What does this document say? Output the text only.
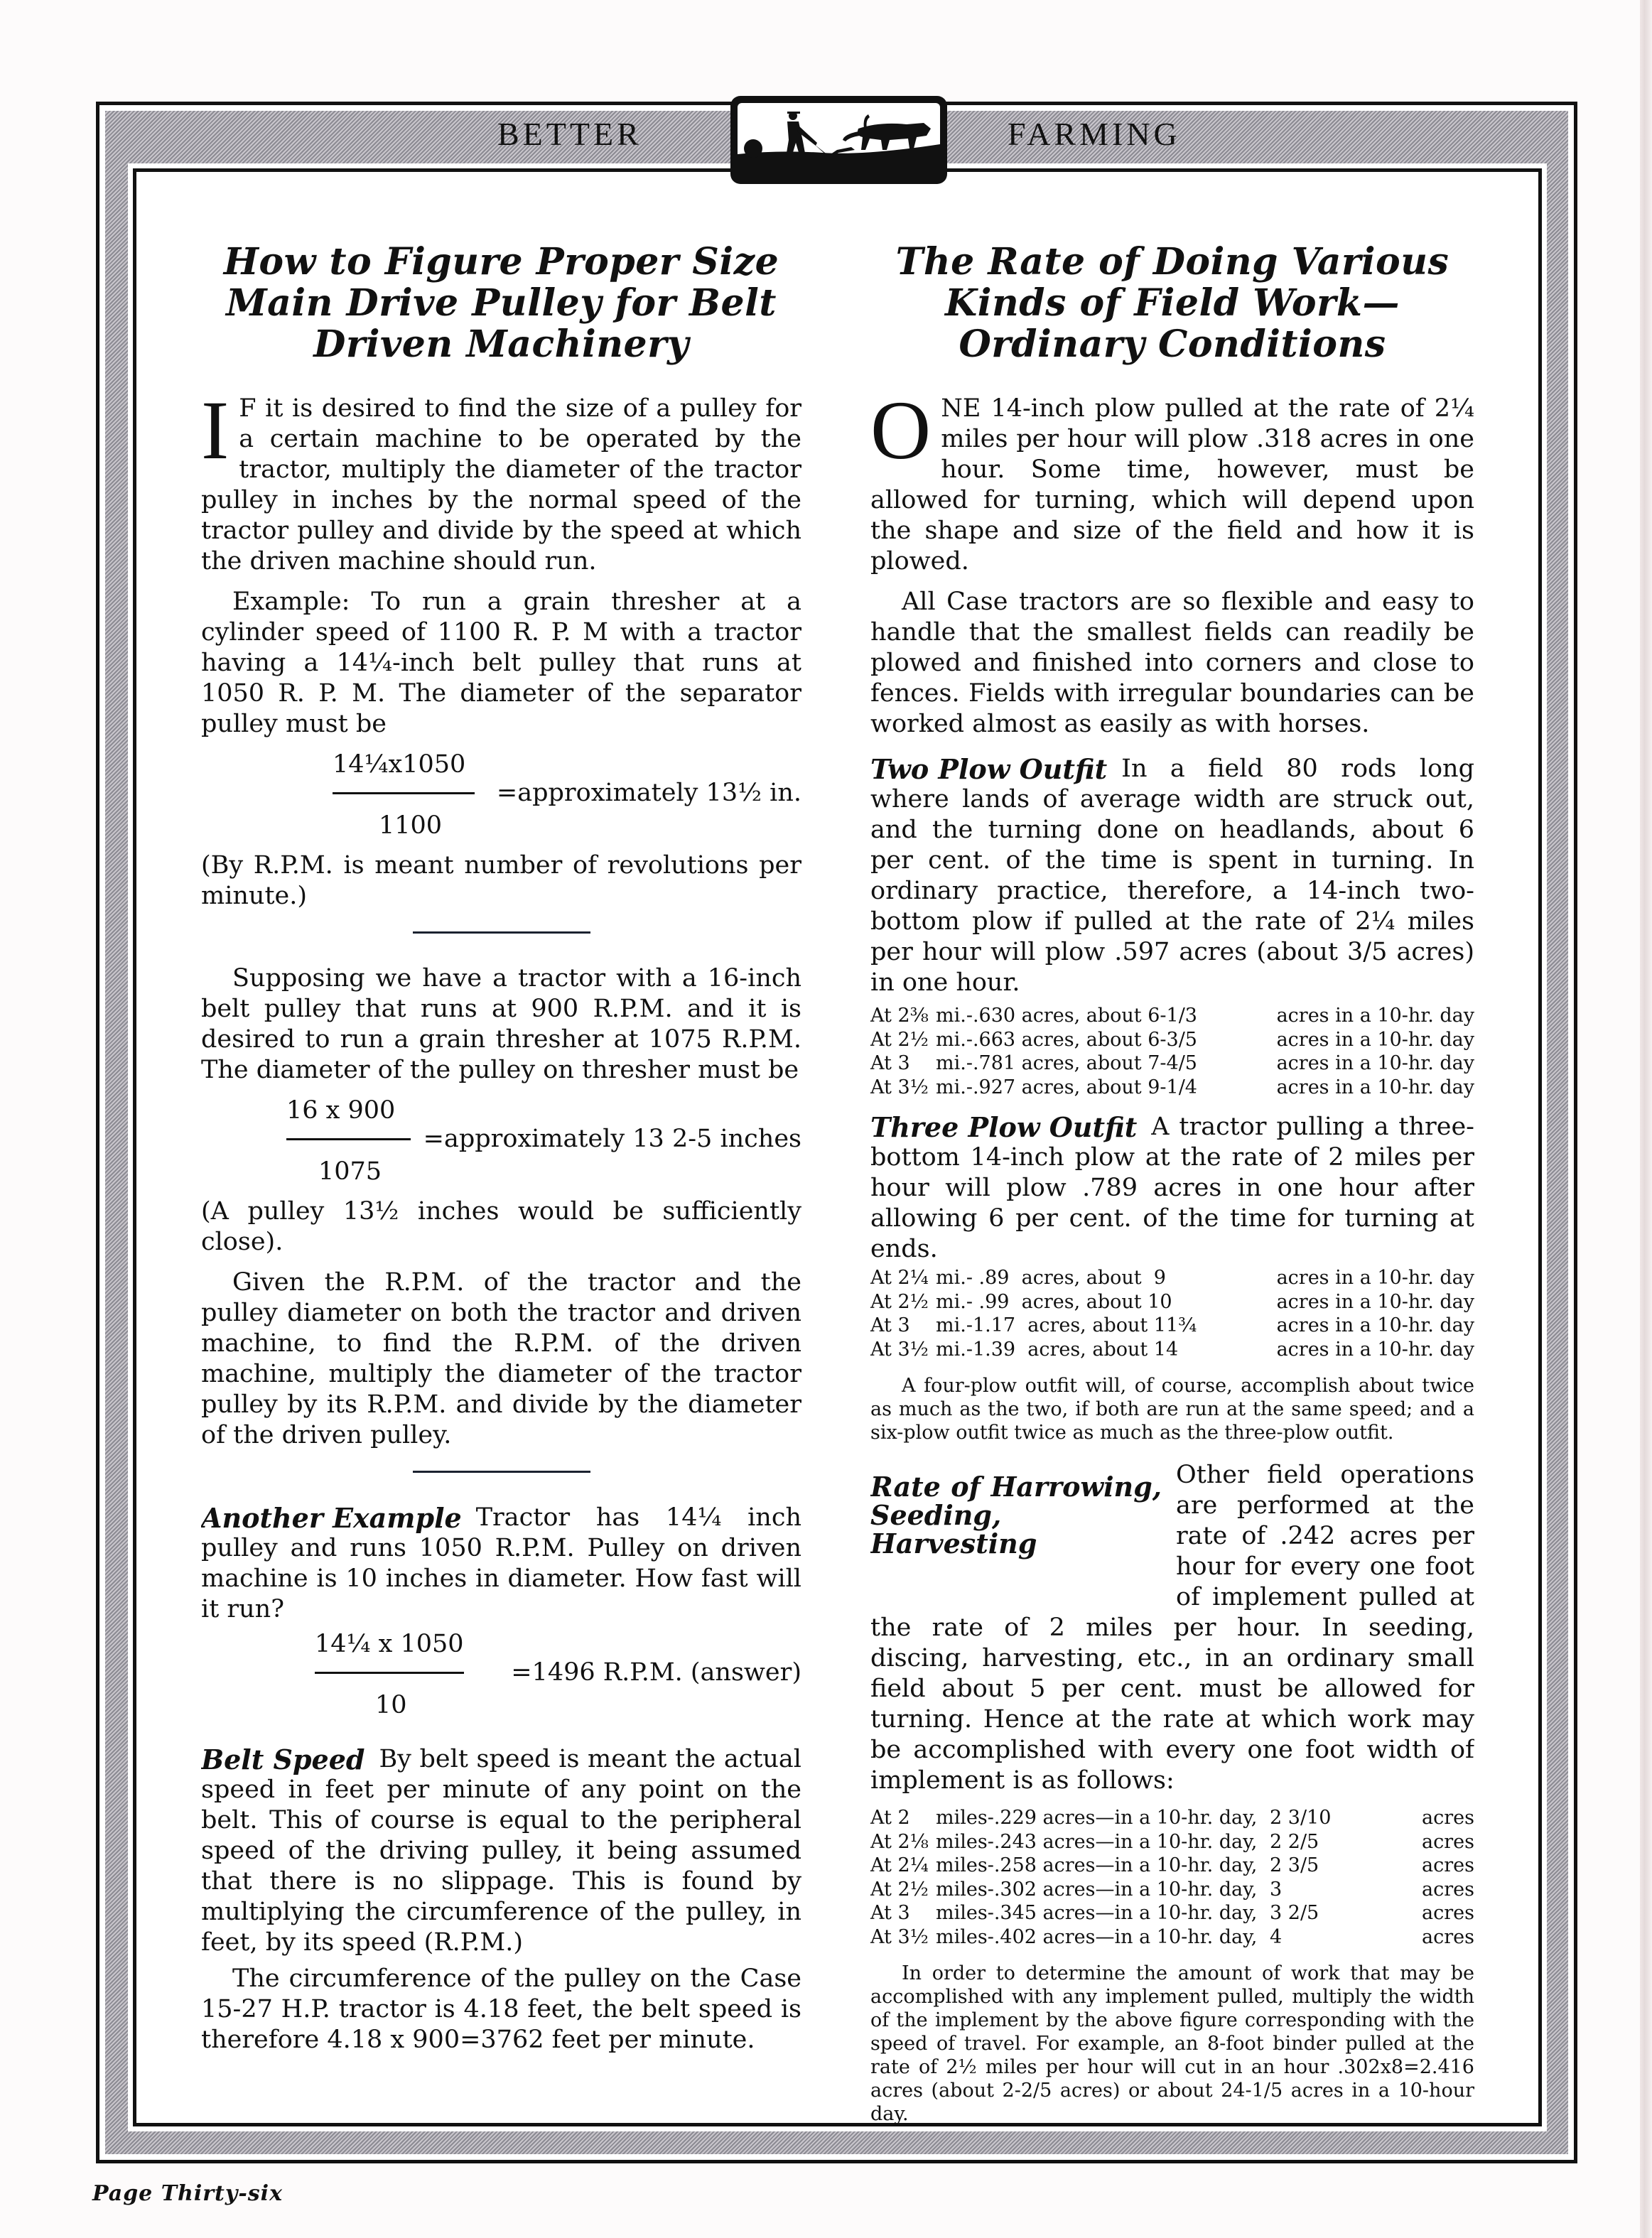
BETTER	FARMING
How to Figure Proper Size Main Drive Pulley for Belt Driven Machinery

I F it is desired to find the size of a pulley for a certain machine to be operated by the tractor, multiply the diameter of the tractor pulley in inches by the normal speed of the tractor pulley and divide by the speed at which the driven machine should run.

Example: To run a grain thresher at a cylinder speed of 1100 R. P. M with a tractor having a 14¼-inch belt pulley that runs at 1050 R. P. M. The diameter of the separator pulley must be

14¼x1050
=approximately 13½ in.
1100

(By R.P.M. is meant number of revolutions per minute.)

Supposing we have a tractor with a 16-inch belt pulley that runs at 900 R.P.M. and it is desired to run a grain thresher at 1075 R.P.M. The diameter of the pulley on thresher must be

16 x 900
=approximately 13 2-5 inches
1075

(A pulley 13½ inches would be sufficiently close).

Given the R.P.M. of the tractor and the pulley diameter on both the tractor and driven machine, to find the R.P.M. of the driven machine, multiply the diameter of the tractor pulley by its R.P.M. and divide by the diameter of the driven pulley.

Another Example Tractor has 14¼ inch pulley and runs 1050 R.P.M. Pulley on driven machine is 10 inches in diameter. How fast will it run?
14¼ x 1050
=1496 R.P.M. (answer)
10
Belt Speed By belt speed is meant the actual speed in feet per minute of any point on the belt. This of course is equal to the peripheral speed of the driving pulley, it being assumed that there is no slippage. This is found by multiplying the circumference of the pulley, in feet, by its speed (R.P.M.)

The circumference of the pulley on the Case 15-27 H.P. tractor is 4.18 feet, the belt speed is therefore 4.18 x 900=3762 feet per minute.

The Rate of Doing Various Kinds of Field Work—Ordinary Conditions

ONE 14-inch plow pulled at the rate of 2¼ miles per hour will plow .318 acres in one hour. Some time, however, must be allowed for turning, which will depend upon the shape and size of the field and how it is plowed.

All Case tractors are so flexible and easy to handle that the smallest fields can readily be plowed and finished into corners and close to fences. Fields with irregular boundaries can be worked almost as easily as with horses.

Two Plow Outfit In a field 80 rods long where lands of average width are struck out, and the turning done on headlands, about 6 per cent. of the time is spent in turning. In ordinary practice, therefore, a 14-inch two-bottom plow if pulled at the rate of 2¼ miles per hour will plow .597 acres (about 3/5 acres) in one hour.
At 2⅜ mi.-.630 acres, about 6-1/3	acres in a 10-hr. day
At 2½ mi.-.663 acres, about 6-3/5	acres in a 10-hr. day
At 3	mi.-.781 acres, about 7-4/5	acres in a 10-hr. day
At 3½ mi.-.927 acres, about 9-1/4	acres in a 10-hr. day
Three Plow Outfit A tractor pulling a three-bottom 14-inch plow at the rate of 2 miles per hour will plow .789 acres in one hour after allowing 6 per cent. of the time for turning at ends.
At 2¼ mi.- .89  acres, about  9	acres in a 10-hr. day
At 2½ mi.- .99  acres, about 10	acres in a 10-hr. day
At 3	mi.-1.17  acres, about 11¾	acres in a 10-hr. day
At 3½ mi.-1.39  acres, about 14	acres in a 10-hr. day

A four-plow outfit will, of course, accomplish about twice as much as the two, if both are run at the same speed; and a six-plow outfit twice as much as the three-plow outfit.

Rate of Harrowing, Seeding, Harvesting
Other field operations are performed at the rate of .242 acres per hour for every one foot of implement pulled at the rate of 2 miles per hour. In seeding, discing, harvesting, etc., in an ordinary small field about 5 per cent. must be allowed for turning. Hence at the rate at which work may be accomplished with every one foot width of implement is as follows:
At 2	miles-.229 acres—in a 10-hr. day, 2 3/10	acres
At 2⅛ miles-.243 acres—in a 10-hr. day, 2 2/5	acres
At 2¼ miles-.258 acres—in a 10-hr. day, 2 3/5	acres
At 2½ miles-.302 acres—in a 10-hr. day, 3	acres
At 3	miles-.345 acres—in a 10-hr. day, 3 2/5	acres
At 3½ miles-.402 acres—in a 10-hr. day, 4	acres

In order to determine the amount of work that may be accomplished with any implement pulled, multiply the width of the implement by the above figure corresponding with the speed of travel. For example, an 8-foot binder pulled at the rate of 2½ miles per hour will cut in an hour .302x8=2.416 acres (about 2-2/5 acres) or about 24-1/5 acres in a 10-hour day.

Page Thirty-six
